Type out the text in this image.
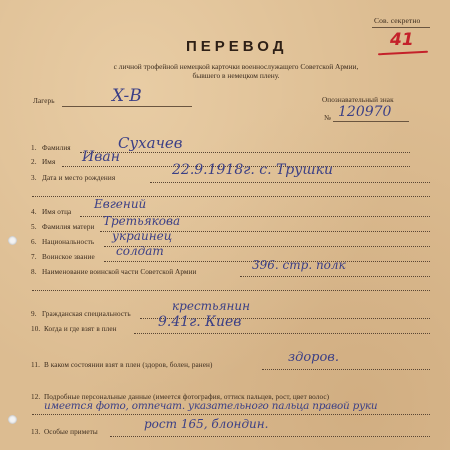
Сов. секретно
41
ПЕРЕВОД
с личной трофейной немецкой карточки военнослужащего Советской Армии,
бывшего в немецком плену.
Лагерь	X-B	Опознавательный знак
№ 120970
1. Фамилия	Сухачев
2. Имя Иван
3. Дата и место рождения	22.9.1918г. с. Трушки
4. Имя отца
Евгений
5. Фамилия матери Третьякова
6. Национальность украинец
7. Воинское звание солдат
8. Наименование воинской части Советской Армии	396. стр. полк
9. Гражданская специальность
крестьянин
10. Когда и где взят в плен	9.41г. Киев
11. В каком состоянии взят в плен (здоров, болен, ранен)	здоров.
12. Подробные персональные данные (имеется фотография, оттиск пальцев, рост, цвет волос)
имеется фото, отпечат. указательного пальца правой руки
13. Особые приметы
рост 165, блондин.
